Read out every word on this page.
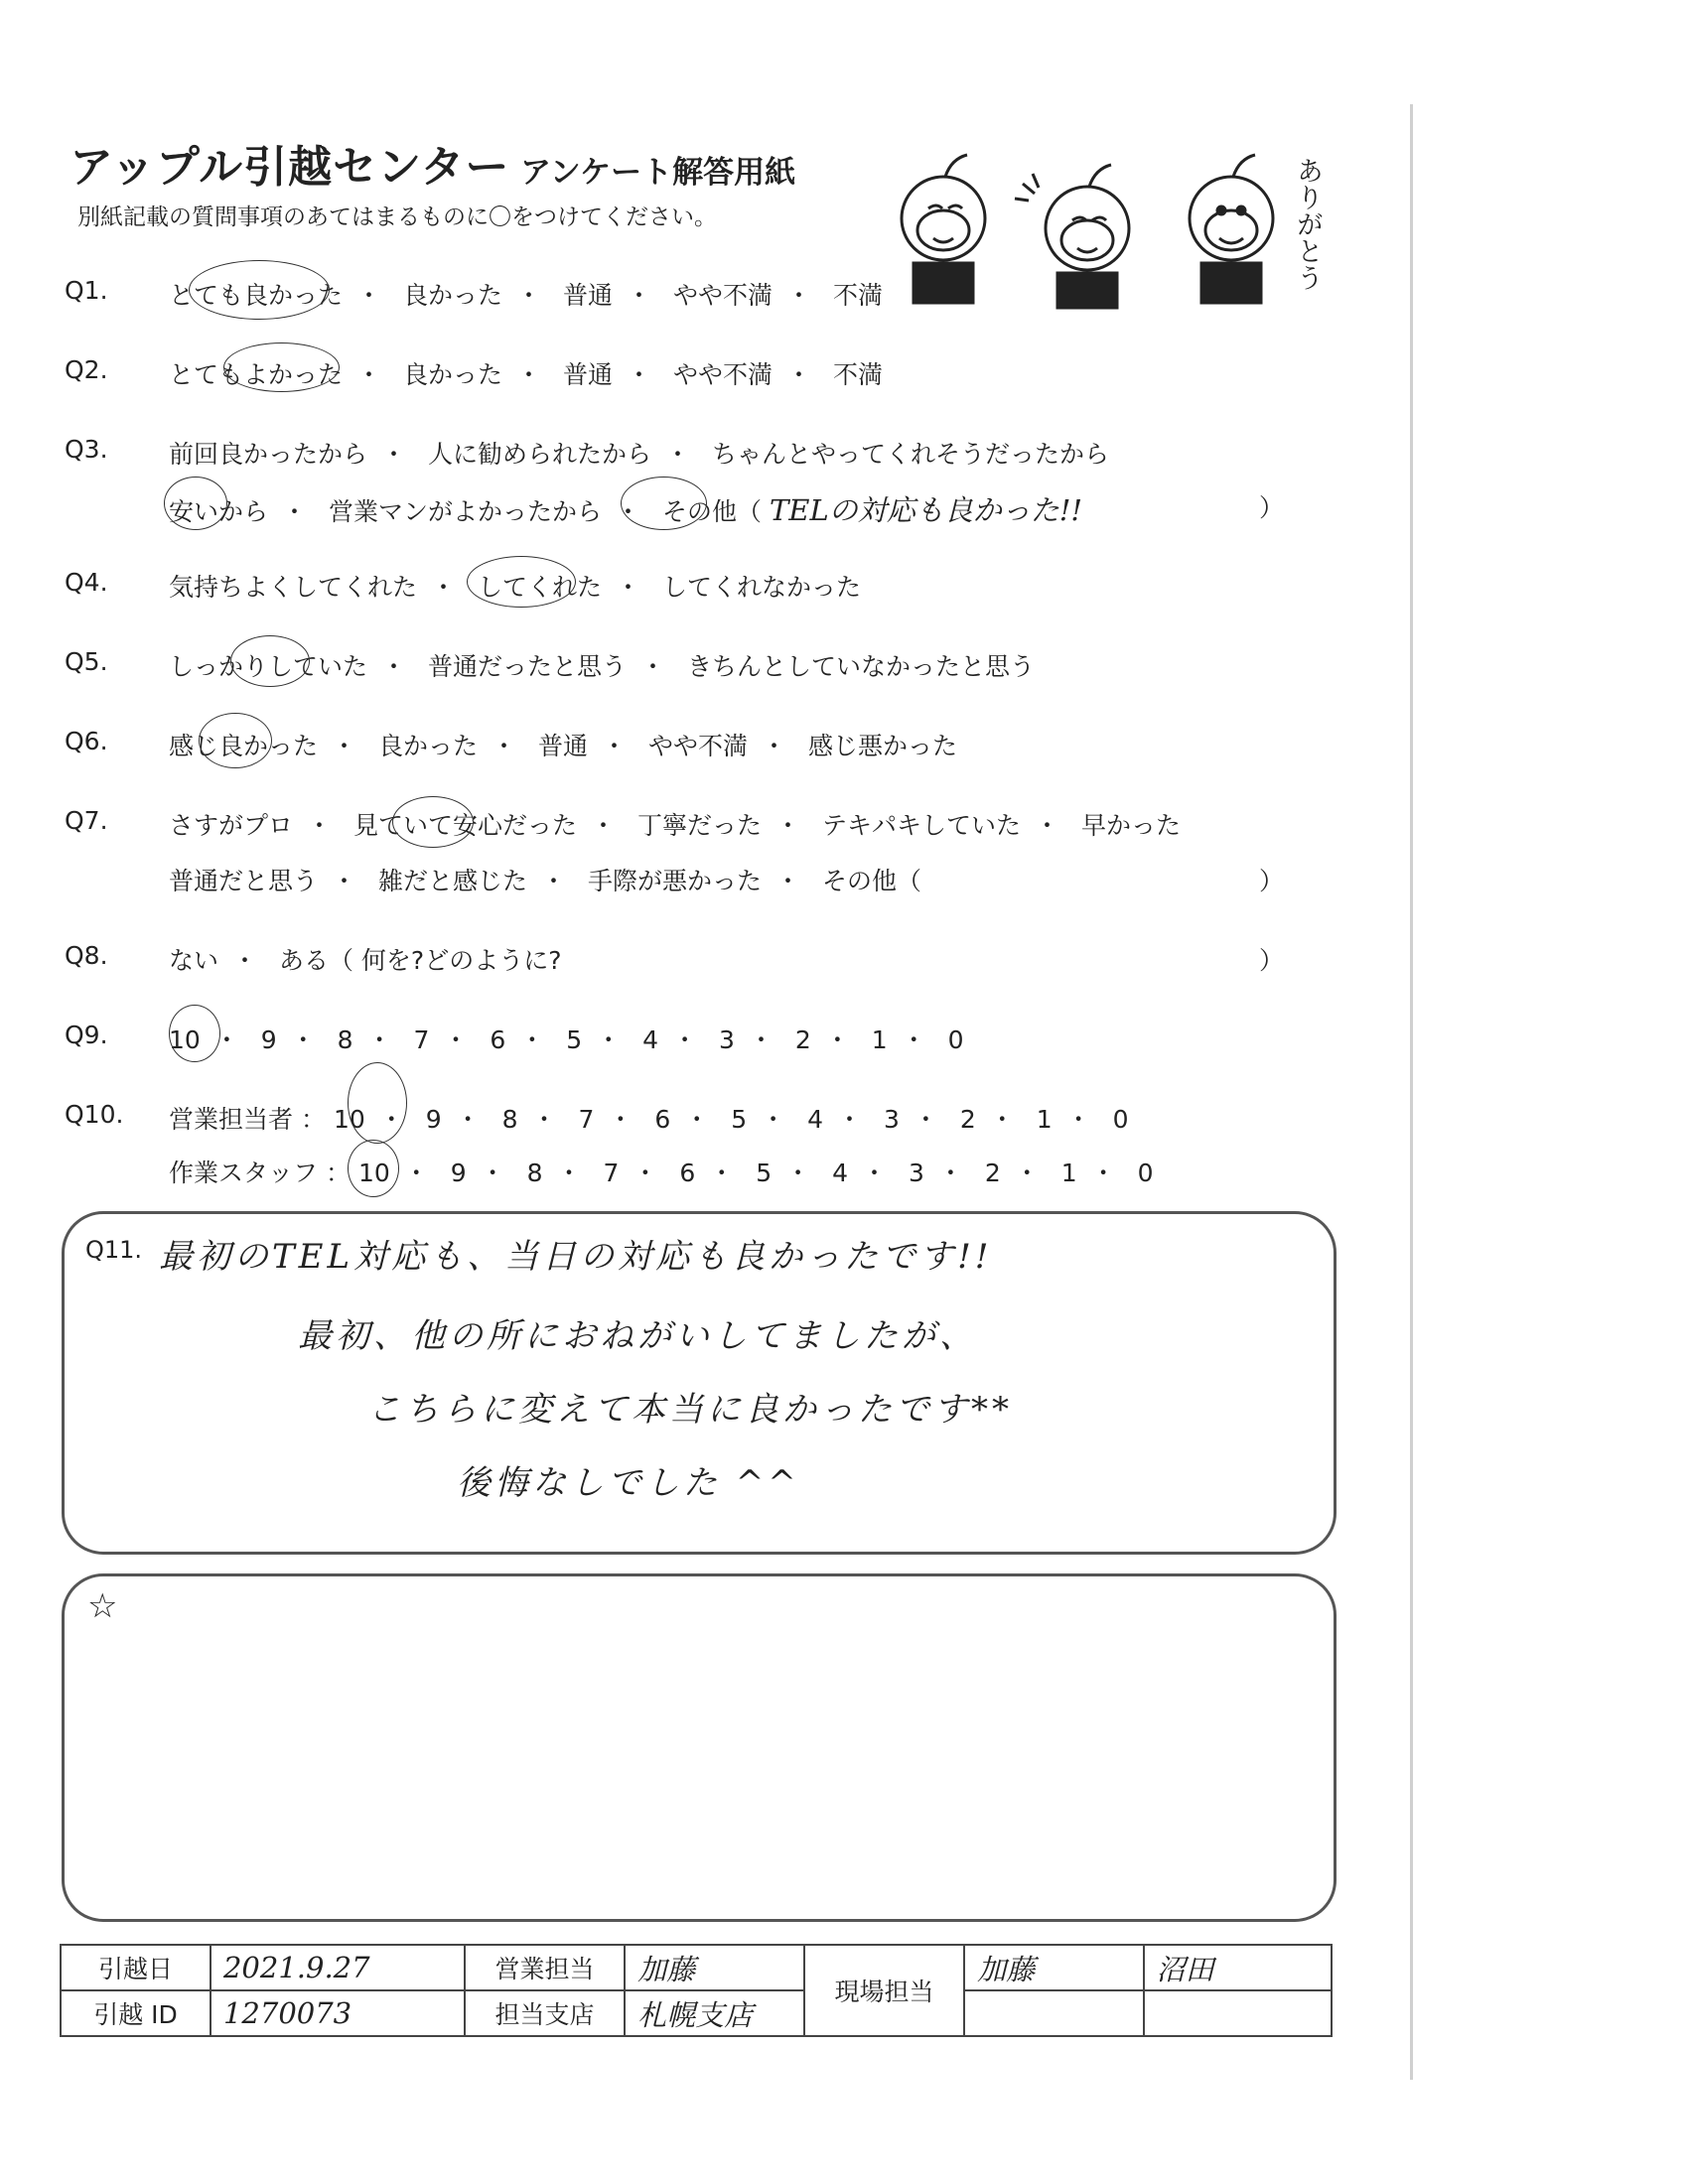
アップル引越センター アンケート解答用紙
別紙記載の質問事項のあてはまるものに〇をつけてください。	ありがとう
Q1. とても良かった ・ 良かった ・ 普通 ・ やや不満 ・ 不満
Q2. とてもよかった ・ 良かった ・ 普通 ・ やや不満 ・ 不満
Q3. 前回良かったから ・ 人に勧められたから ・ ちゃんとやってくれそうだったから
安いから ・ 営業マンがよかったから ・ その他（ TELの対応も良かった!!	）
Q4. 気持ちよくしてくれた ・ してくれた ・ してくれなかった
Q5. しっかりしていた ・ 普通だったと思う ・ きちんとしていなかったと思う
Q6. 感じ良かった ・ 良かった ・ 普通 ・ やや不満 ・ 感じ悪かった
Q7. さすがプロ ・ 見ていて安心だった ・ 丁寧だった ・ テキパキしていた ・ 早かった
普通だと思う ・ 雑だと感じた ・ 手際が悪かった ・ その他（	）
Q8. ない ・ ある（ 何を?どのように?	）
Q9. 10 ・ 9 ・ 8 ・ 7 ・ 6 ・ 5 ・ 4 ・ 3 ・ 2 ・ 1 ・ 0
Q10. 営業担当者 ： 10 ・ 9 ・ 8 ・ 7 ・ 6 ・ 5 ・ 4 ・ 3 ・ 2 ・ 1 ・ 0
作業スタッフ ： 10 ・ 9 ・ 8 ・ 7 ・ 6 ・ 5 ・ 4 ・ 3 ・ 2 ・ 1 ・ 0
Q11. 最初のTEL対応も、当日の対応も良かったです!!
最初、他の所におねがいしてましたが、
こちらに変えて本当に良かったです**
後悔なしでした ^^
☆
引越日	2021.9.27	営業担当	加藤	現場担当	加藤	沼田
引越 ID	1270073	担当支店	札幌支店			
